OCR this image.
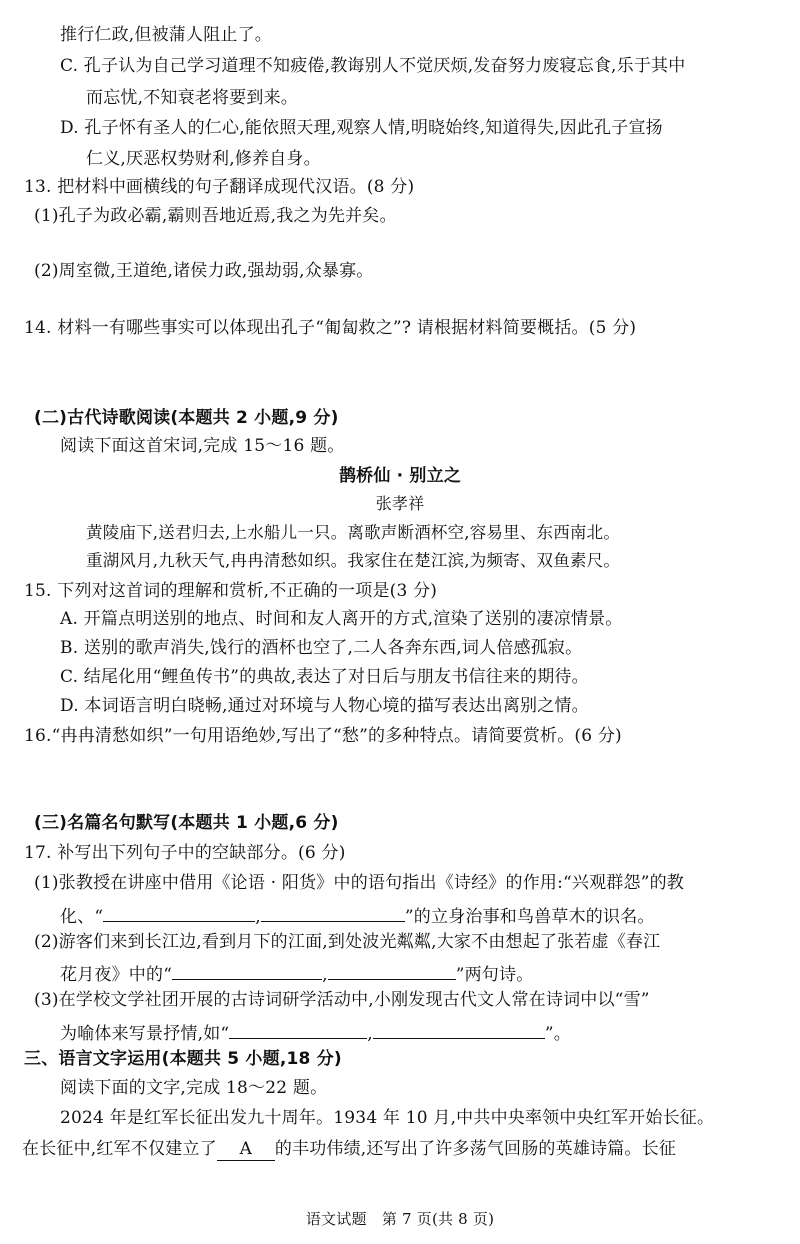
推行仁政,但被蒲人阻止了。
C. 孔子认为自己学习道理不知疲倦,教诲别人不觉厌烦,发奋努力废寝忘食,乐于其中
而忘忧,不知衰老将要到来。
D. 孔子怀有圣人的仁心,能依照天理,观察人情,明晓始终,知道得失,因此孔子宣扬
仁义,厌恶权势财利,修养自身。
13. 把材料中画横线的句子翻译成现代汉语。(8 分)
(1)孔子为政必霸,霸则吾地近焉,我之为先并矣。
(2)周室微,王道绝,诸侯力政,强劫弱,众暴寡。
14. 材料一有哪些事实可以体现出孔子“匍匐救之”? 请根据材料简要概括。(5 分)
(二)古代诗歌阅读(本题共 2 小题,9 分)
阅读下面这首宋词,完成 15～16 题。
鹊桥仙 · 别立之
张孝祥
黄陵庙下,送君归去,上水船儿一只。离歌声断酒杯空,容易里、东西南北。
重湖风月,九秋天气,冉冉清愁如织。我家住在楚江滨,为频寄、双鱼素尺。
15. 下列对这首词的理解和赏析,不正确的一项是(3 分)
A. 开篇点明送别的地点、时间和友人离开的方式,渲染了送别的凄凉情景。
B. 送别的歌声消失,饯行的酒杯也空了,二人各奔东西,词人倍感孤寂。
C. 结尾化用“鲤鱼传书”的典故,表达了对日后与朋友书信往来的期待。
D. 本词语言明白晓畅,通过对环境与人物心境的描写表达出离别之情。
16.“冉冉清愁如织”一句用语绝妙,写出了“愁”的多种特点。请简要赏析。(6 分)
(三)名篇名句默写(本题共 1 小题,6 分)
17. 补写出下列句子中的空缺部分。(6 分)
(1)张教授在讲座中借用《论语 · 阳货》中的语句指出《诗经》的作用:“兴观群怨”的教
化、“	,	”的立身治事和鸟兽草木的识名。
(2)游客们来到长江边,看到月下的江面,到处波光粼粼,大家不由想起了张若虚《春江
花月夜》中的“	,	”两句诗。
(3)在学校文学社团开展的古诗词研学活动中,小刚发现古代文人常在诗词中以“雪”
为喻体来写景抒情,如“	,	”。
三、语言文字运用(本题共 5 小题,18 分)
阅读下面的文字,完成 18～22 题。
2024 年是红军长征出发九十周年。1934 年 10 月,中共中央率领中央红军开始长征。
在长征中,红军不仅建立了 A 的丰功伟绩,还写出了许多荡气回肠的英雄诗篇。长征
语文试题　第 7 页(共 8 页)
